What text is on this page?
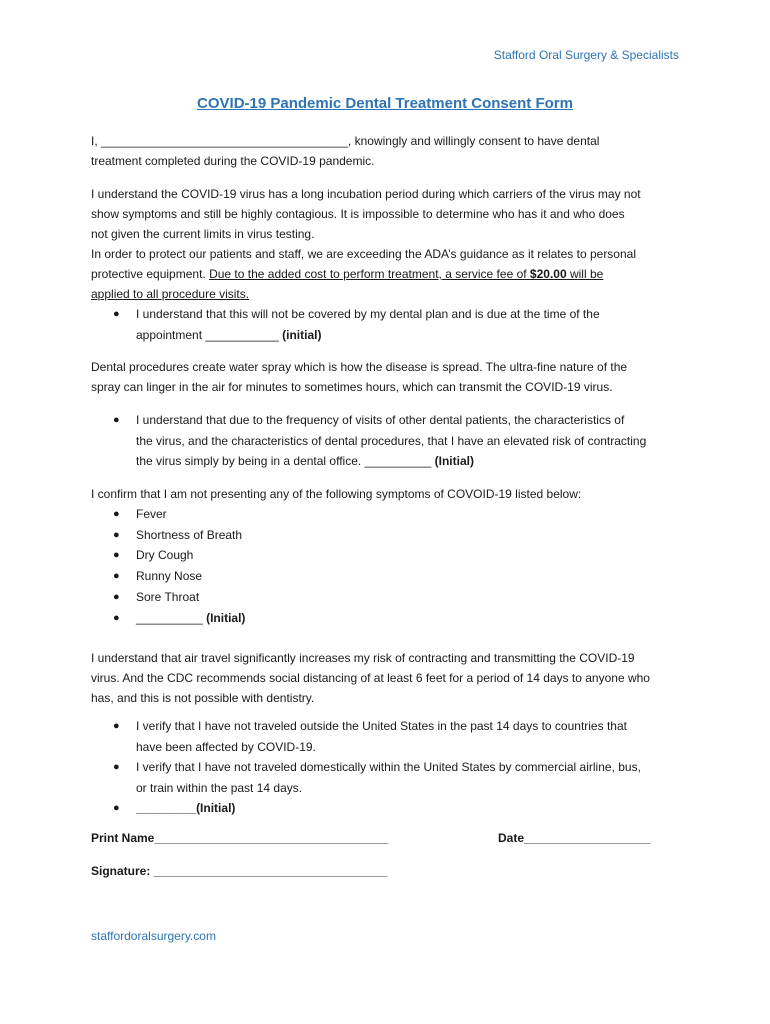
Stafford Oral Surgery & Specialists
COVID-19 Pandemic Dental Treatment Consent Form
I, _____________________________________, knowingly and willingly consent to have dental
treatment completed during the COVID-19 pandemic.
I understand the COVID-19 virus has a long incubation period during which carriers of the virus may not
show symptoms and still be highly contagious. It is impossible to determine who has it and who does
not given the current limits in virus testing.
In order to protect our patients and staff, we are exceeding the ADA’s guidance as it relates to personal
protective equipment. Due to the added cost to perform treatment, a service fee of $20.00 will be
applied to all procedure visits.
● I understand that this will not be covered by my dental plan and is due at the time of the
appointment ___________ (initial)
Dental procedures create water spray which is how the disease is spread. The ultra-fine nature of the
spray can linger in the air for minutes to sometimes hours, which can transmit the COVID-19 virus.
● I understand that due to the frequency of visits of other dental patients, the characteristics of
the virus, and the characteristics of dental procedures, that I have an elevated risk of contracting
the virus simply by being in a dental office. __________ (Initial)
I confirm that I am not presenting any of the following symptoms of COVOID-19 listed below:
● Fever
● Shortness of Breath
● Dry Cough
● Runny Nose
● Sore Throat
● __________ (Initial)
I understand that air travel significantly increases my risk of contracting and transmitting the COVID-19
virus. And the CDC recommends social distancing of at least 6 feet for a period of 14 days to anyone who
has, and this is not possible with dentistry.
● I verify that I have not traveled outside the United States in the past 14 days to countries that
have been affected by COVID-19.
● I verify that I have not traveled domestically within the United States by commercial airline, bus,
or train within the past 14 days.
● _________(Initial)
Print Name___________________________________	Date___________________
Signature: ___________________________________
staffordoralsurgery.com
